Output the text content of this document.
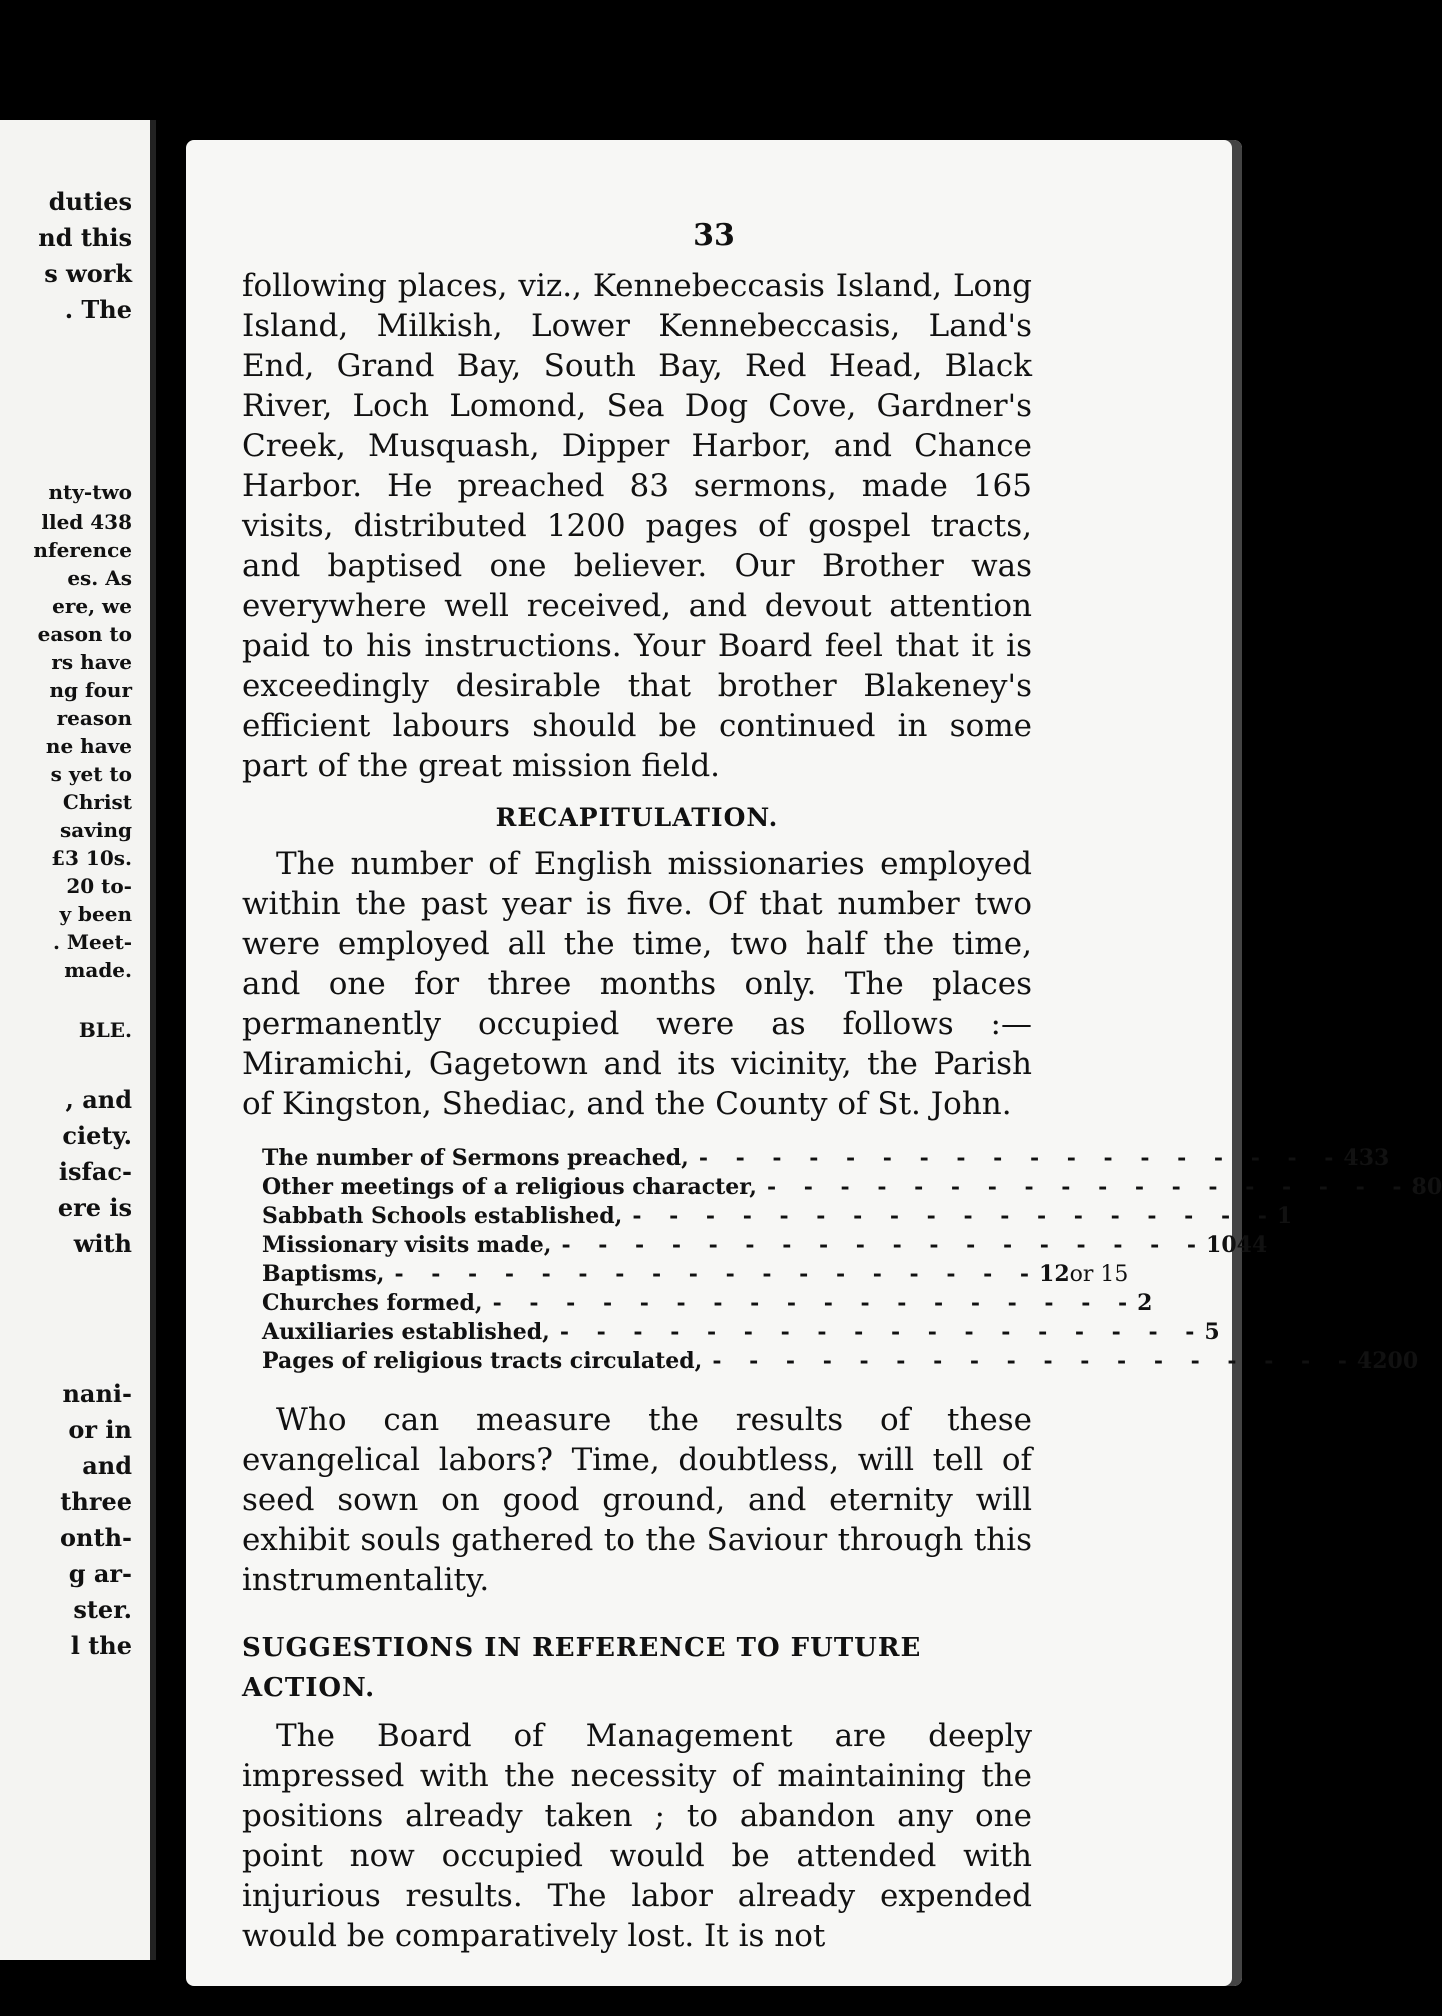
duties
nd this
s work
. The
nty-two
lled 438
nference
es. As
ere, we
eason to
rs have
ng four
reason
ne have
s yet to
Christ
saving
£3 10s.
20 to-
y been
. Meet-
made.
BLE.
, and
ciety.
isfac-
ere is
with
nani-
or in
and
three
onth-
g ar-
ster.
l the
33

following places, viz., Kennebeccasis Island, Long Island, Milkish, Lower Kennebeccasis, Land's End, Grand Bay, South Bay, Red Head, Black River, Loch Lomond, Sea Dog Cove, Gardner's Creek, Musquash, Dipper Harbor, and Chance Harbor. He preached 83 sermons, made 165 visits, distributed 1200 pages of gospel tracts, and baptised one believer. Our Brother was everywhere well received, and devout attention paid to his instructions. Your Board feel that it is exceedingly desirable that brother Blakeney's efficient labours should be continued in some part of the great mission field.

RECAPITULATION.

The number of English missionaries employed within the past year is five. Of that number two were employed all the time, two half the time, and one for three months only. The places permanently occupied were as follows :—Miramichi, Gagetown and its vicinity, the Parish of Kingston, Shediac, and the County of St. John.

The number of Sermons preached, - - - - - - - - - - - - - - - - - - 433
Other meetings of a religious character, - - - - - - - - - - - - - - - - - - 80
Sabbath Schools established, - - - - - - - - - - - - - - - - - - 1
Missionary visits made, - - - - - - - - - - - - - - - - - - 1044
Baptisms, - - - - - - - - - - - - - - - - - - 12 or 15
Churches formed, - - - - - - - - - - - - - - - - - - 2
Auxiliaries established, - - - - - - - - - - - - - - - - - - 5
Pages of religious tracts circulated, - - - - - - - - - - - - - - - - - - 4200

Who can measure the results of these evangelical labors? Time, doubtless, will tell of seed sown on good ground, and eternity will exhibit souls gathered to the Saviour through this instrumentality.

SUGGESTIONS IN REFERENCE TO FUTURE ACTION.

The Board of Management are deeply impressed with the necessity of maintaining the positions already taken ; to abandon any one point now occupied would be attended with injurious results. The labor already expended would be comparatively lost. It is not
